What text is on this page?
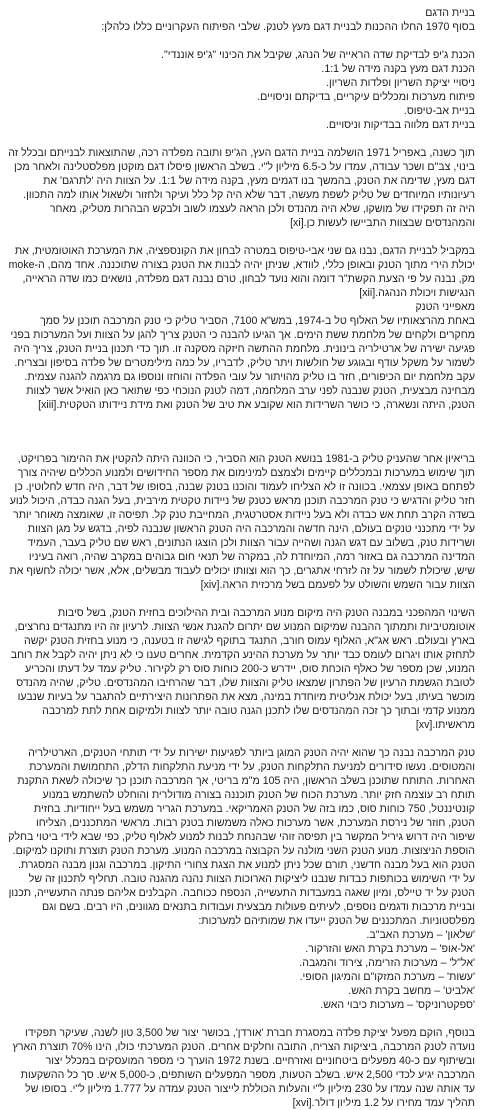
בניית הדגם
בסוף 1970 החלו ההכנות לבניית דגם מעץ לטנק. שלבי הפיתוח העקרוניים כללו כלהלן:
הכנת ג'יפ לבדיקת שדה הראייה של הנהג, שקיבל את הכינוי "ג'יפ אוננדי".
הכנת דגם מעץ בקנה מידה של 1:1.
ניסויי יציקת השריון ופלדות השריון.
פיתוח מערכות ומכללים עיקריים, בדיקתם וניסויים.
בניית אב-טיפוס.
בניית דגם מלווה בבדיקות וניסויים.
תוך כשנה, באפריל 1971 הושלמה בניית הדגם העץ, הג'יפ ותובה מפלדה רכה, שהתוצאות לבנייתם ובכלל זה בינוי, צב"ם ושכר עבודה, עמדו על כ-6.5 מיליון ל"י. בשלב הראשון פיסלו דגם מוקטן מפלסטלינה ולאחר מכן דגם מעץ, שדימה את הטנק, בהמשך בנו דגמים מעץ, בקנה מידה של 1:1. על הצוות היה 'לתרגם' את רעיונותיו המיוחדים של טליק לשפת מעשה, דבר שלא היה קל כלל ועיקר ולחזור ולשאול אותו למה התכוון. היה זה תפקידו של מושקו, שלא היה מהנדס ולכן הראה לעצמו לשוב ולבקש הבהרות מטליק, מאחר והמהנדסים שבצוות התביישו לעשות כן.[xi]
במקביל לבניית הדגם, נבנו גם שני אבי-טיפוס במטרה לבחון את הקונספציה, את המערכת האוטומטית, את יכולת הירי מתוך הטנק ובאופן כללי, לוודא, שניתן יהיה לבנות את הטנק בצורה שתוכננה. אחד מהם, ה-moke מק, נבנה על פי הצעת הקשת"ר דומה והוא נועד לבחון, טרם נבנה דגם מפלדה, נושאים כמו שדה הראייה, הנגישות ויכולת הנהגה.[xii]
מאפייני הטנק
באחת מהרצאותיו של האלוף טל ב-1974, במש"א 7100, הסביר טליק כי טנק המרכבה תוכנן על סמך מחקרים ולקחים של מלחמת ששת הימים. אך הגיעו להבנה כי הטנק צריך להגן על הצוות ועל המערכות בפני פגיעה ישירה של ארטילריה בינונית. מלחמת ההתשה חיזקה מסקנה זו. תוך כדי תכנון בניית הטנק, צריך היה לשמור על משקל עודף ובגוגע של חולשות ויתר טליק, לדבריו, על כמה מילימטרים של פלדה בסיפון ובצריח. עקב מלחמת יום הכיפורים, חזר בו טליק מהויתור על עובי הפלדה והוחזו ונוספו גם מרגמה להגנה עצמית. מבחינה מבצעית, הטנק שנבנה לפני ערב המלחמה, דמה לטנק הנוכחי כפי שתואר כאן הואיל אשר לצוות הטנק, היתה ונשארה, כי כושר השרידות הוא שקובע את טיב של הטנק ואת מידת ניידותו הטקטית.[xiii]
בריאיון אחר שהעניק טליק ב-1981 בנושא הטנק הוא הסביר, כי הכוונה היתה להקטין את ההימור בפרויקט, תוך שימוש במערכות ובמכללים קיימים ולצמצם למינימום את מספר החידושים ולמנוע הכללים שיהיה צורך לפתחם באופן עצמאי. בכוונה זו לא הצליחו לעמוד והוכנו בטנק שבנה, בסופו של דבר, היה חדש לחלוטין. כן חזר טליק והדגיש כי טנק המרכבה תוכנן מראש כטנק של ניידות טקטית מירבית, בעל הגנה כבדה, היכול לנוע בשדה הקרב תחת אש כבדה ולא בעל ניידות אסטרטגית, המחייבת טנק קל. תפיסה זו, שאומצה מאוחר יותר על ידי מתכנני טנקים בעולם, הינה חדשה והמרכבה היה הטנק הראשון שנבנה לפיה, בדגש על מגן הצוות ושרידות טנק, בשלוב עם דגש הגנה ושהייה עבור הצוות ולכן הוצגו הנתונים, ראש שם טליק בעבר, העמיד המדינה המרכבה גם באזור רמה, המיוחדת לה, במקרה של תנאי חום גבוהים במקרב שהיה, רואה בעיניו שיש, שיכולת לשמור על זה לזרחי אתגרים, כך הוא וצוותו יכולים לעבוד מבשלים, אלא, אשר יכולה לחשוף את הצוות עבור השמש והשולט על לפעמם בשל מרכזית הראה.[xiv]
השינוי המהפכני במבנה הטנק היה מיקום מנוע המרכבה ובית ההילוכים בחזית הטנק, בשל סיבות אוטומטיביות ותמתוך ההבנה שמיקום המנוע שם יתרום להגנת אנשי הצוות. לרעיון זה היו מתנגדים נחרצים, בארץ ובעולם. ראש אג"א, האלוף עמוס חורב, התנגד בתוקף לגישה זו בטענה, כי מנוע בחזית הטנק יקשה לתחזק אותו ויגרום לעומס כבד יותר על מערכת ההינע הקדמית. אחרים טענו כי לא ניתן יהיה לקבל את רוחב המנוע, שכן מספר של כאלף הוכחת סוס, יידרש כ-200 כוחות סוס רק לקירור. טליק עמד על דעתו והכריע לטובת הגשמת הרעיון של הפתרון שמצאו טליק והצוות שלו, דבר שהרחיבו המהנדסים. טליק, שהיה מהנדס מוכשר בעיתו, בעל יכולת אנליטית מיוחדת במינה, מצא את הפתרונות היצירתיים להתגבר על בעיות שנבעו ממנוע קדמי ובתוך כך זכה המהנדסים שלו לתכנן הגנה טובה יותר לצוות ולמיקום אחת לתת למרכבה מראשיתו.[xv]
טנק המרכבה נבנה כך שהוא יהיה הטנק המוגן ביותר לפגיעות ישירות על ידי תותחי הטנקים, הארטילריה והמטוסים. נעשו סידורים למניעת התלקחות הטנק, על ידי מניעת התלקחות הדלק, התחמושת והמערכת האחרות. התותח שתוכנן בשלב הראשון, היה 105 מ"מ בריטי, אך המרכבה תוכנן כך שיכולה לשאת התקנת תותח רב עוצמה חזק יותר. מערכת הכוח של הטנק תוכננה בצורה מודולרית והוחלט להשתמש במנוע קונטיננטל, 750 כוחות סוס, כמו בזה של הטנק האמריקאי. במערכת הגריר משמש בעל ייחודיות. בחזית הטנק, חוזר של נירסת המערכת, אשר מערכות כאלה משמשות בטנק רבות. מראשי המתכננים, הצליחו שיפור היה דרוש גיריל המקשר בין תפיסה זוהי שבהנחת לבנות למנוע לאלוף טליק, כפי שבא לידי ביטוי בחלק הוספת הניצוצות. מנוע הטנק השני מולנה על הקבוצה במרכבה המנוע. מערכת הטנק תוצרת ותוקנו למיקום. הטנק הוא בעל מבנה חדשני, תורם שכל ניתן למנוע את הצגת צחורי התיקון. במרכבה וגנון מבנה המסגרת. על ידי השימוש בכותפות כבדות שנבנו ליציקות הארוכות הצוות נהנה מהגנה טובה. תחליף לתכנון זה של הטנק על יד טיילס, ומיון שאגה במעבדות התעשייה, הנספח ככוחבה. הקבלנים אליהם פנתה התעשייה, תכנון ובניית מרכבות ודגמים נוספים, לעיתים פעולות מבצעית ועבודות בתנאים מגוונים, היו רבים. בשם וגם מפלסטוניות. המתכננים של הטנק ייעדו את שמותיהם למערכות:
'שלאון' – מערכת האב"ב.
'אל-אופ' – מערכת בקרת האש והזרקור.
'אל"ל' – מערכות הזרימה, צירוד והמגבה.
'עשות' – מערכת המזקו"ם והמיגון הסופי.
'אלביט' – מחשב בקרת האש.
'ספקטרוניקס' – מערכות כיבוי האש.
בנוסף, הוקם מפעל יציקת פלדה במסגרת חברת 'אורדן', בכושר יצור של 3,500 טון לשנה, שעיקר תפקידו נועדה לטנק המרכבה, ביציקות הצריח, התובה וחלקים אחרים. הטנק המערכתי כולו, הינו 70% תוצרת הארץ ובשיתוף עם כ-40 מפעלים ביטחוניים ואזרחיים. בשנת 1972 הוערך כי מספר המועסקים במכלל יצור המרכבה יגיע לכדי 2,500 איש. בשלב הטעות, מספר המפעלים השותפים, כ-5,000 איש. סך כל ההשקעות עד אותה שנה עמדו על 230 מיליון ל"י והעלות הכוללת לייצור הטנק עמדה על 1.777 מיליון ל"י. בסופו של תהליך עמד מחירו על 1.2 מיליון דולר.[xvi]
